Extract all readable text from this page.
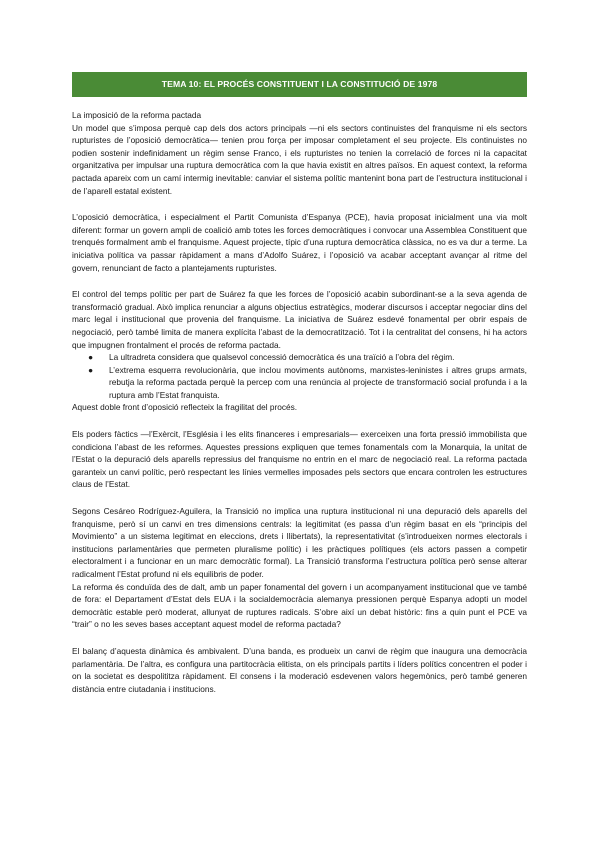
TEMA 10: EL PROCÉS CONSTITUENT I LA CONSTITUCIÓ DE 1978
La imposició de la reforma pactada

Un model que s’imposa perquè cap dels dos actors principals —ni els sectors continuistes del franquisme ni els sectors rupturistes de l’oposició democràtica— tenien prou força per imposar completament el seu projecte. Els continuistes no podien sostenir indefinidament un règim sense Franco, i els rupturistes no tenien la correlació de forces ni la capacitat organitzativa per impulsar una ruptura democràtica com la que havia existit en altres països. En aquest context, la reforma pactada apareix com un camí intermig inevitable: canviar el sistema polític mantenint bona part de l’estructura institucional i de l’aparell estatal existent.

L’oposició democràtica, i especialment el Partit Comunista d’Espanya (PCE), havia proposat inicialment una via molt diferent: formar un govern ampli de coalició amb totes les forces democràtiques i convocar una Assemblea Constituent que trenqués formalment amb el franquisme. Aquest projecte, típic d’una ruptura democràtica clàssica, no es va dur a terme. La iniciativa política va passar ràpidament a mans d’Adolfo Suárez, i l’oposició va acabar acceptant avançar al ritme del govern, renunciant de facto a plantejaments rupturistes.

El control del temps polític per part de Suárez fa que les forces de l’oposició acabin subordinant-se a la seva agenda de transformació gradual. Això implica renunciar a alguns objectius estratègics, moderar discursos i acceptar negociar dins del marc legal i institucional que provenia del franquisme. La iniciativa de Suárez esdevé fonamental per obrir espais de negociació, però també limita de manera explícita l’abast de la democratització. Tot i la centralitat del consens, hi ha actors que impugnen frontalment el procés de reforma pactada.

● La ultradreta considera que qualsevol concessió democràtica és una traïció a l’obra del règim.
● L’extrema esquerra revolucionària, que inclou moviments autònoms, marxistes-leninistes i altres grups armats, rebutja la reforma pactada perquè la percep com una renúncia al projecte de transformació social profunda i a la ruptura amb l’Estat franquista.

Aquest doble front d’oposició reflecteix la fragilitat del procés.

Els poders fàctics —l’Exèrcit, l’Església i les elits financeres i empresarials— exerceixen una forta pressió immobilista que condiciona l’abast de les reformes. Aquestes pressions expliquen que temes fonamentals com la Monarquia, la unitat de l’Estat o la depuració dels aparells repressius del franquisme no entrin en el marc de negociació real. La reforma pactada garanteix un canvi polític, però respectant les línies vermelles imposades pels sectors que encara controlen les estructures claus de l’Estat.

Segons Cesáreo Rodríguez-Aguilera, la Transició no implica una ruptura institucional ni una depuració dels aparells del franquisme, però sí un canvi en tres dimensions centrals: la legitimitat (es passa d’un règim basat en els “principis del Movimiento” a un sistema legitimat en eleccions, drets i llibertats), la representativitat (s’introdueixen normes electorals i institucions parlamentàries que permeten pluralisme polític) i les pràctiques polítiques (els actors passen a competir electoralment i a funcionar en un marc democràtic formal). La Transició transforma l’estructura política però sense alterar radicalment l’Estat profund ni els equilibris de poder.

La reforma és conduïda des de dalt, amb un paper fonamental del govern i un acompanyament institucional que ve també de fora: el Departament d’Estat dels EUA i la socialdemocràcia alemanya pressionen perquè Espanya adopti un model democràtic estable però moderat, allunyat de ruptures radicals. S’obre així un debat històric: fins a quin punt el PCE va “trair” o no les seves bases acceptant aquest model de reforma pactada?

El balanç d’aquesta dinàmica és ambivalent. D’una banda, es produeix un canvi de règim que inaugura una democràcia parlamentària. De l’altra, es configura una partitocràcia elitista, on els principals partits i líders polítics concentren el poder i on la societat es despolititza ràpidament. El consens i la moderació esdevenen valors hegemònics, però també generen distància entre ciutadania i institucions.
